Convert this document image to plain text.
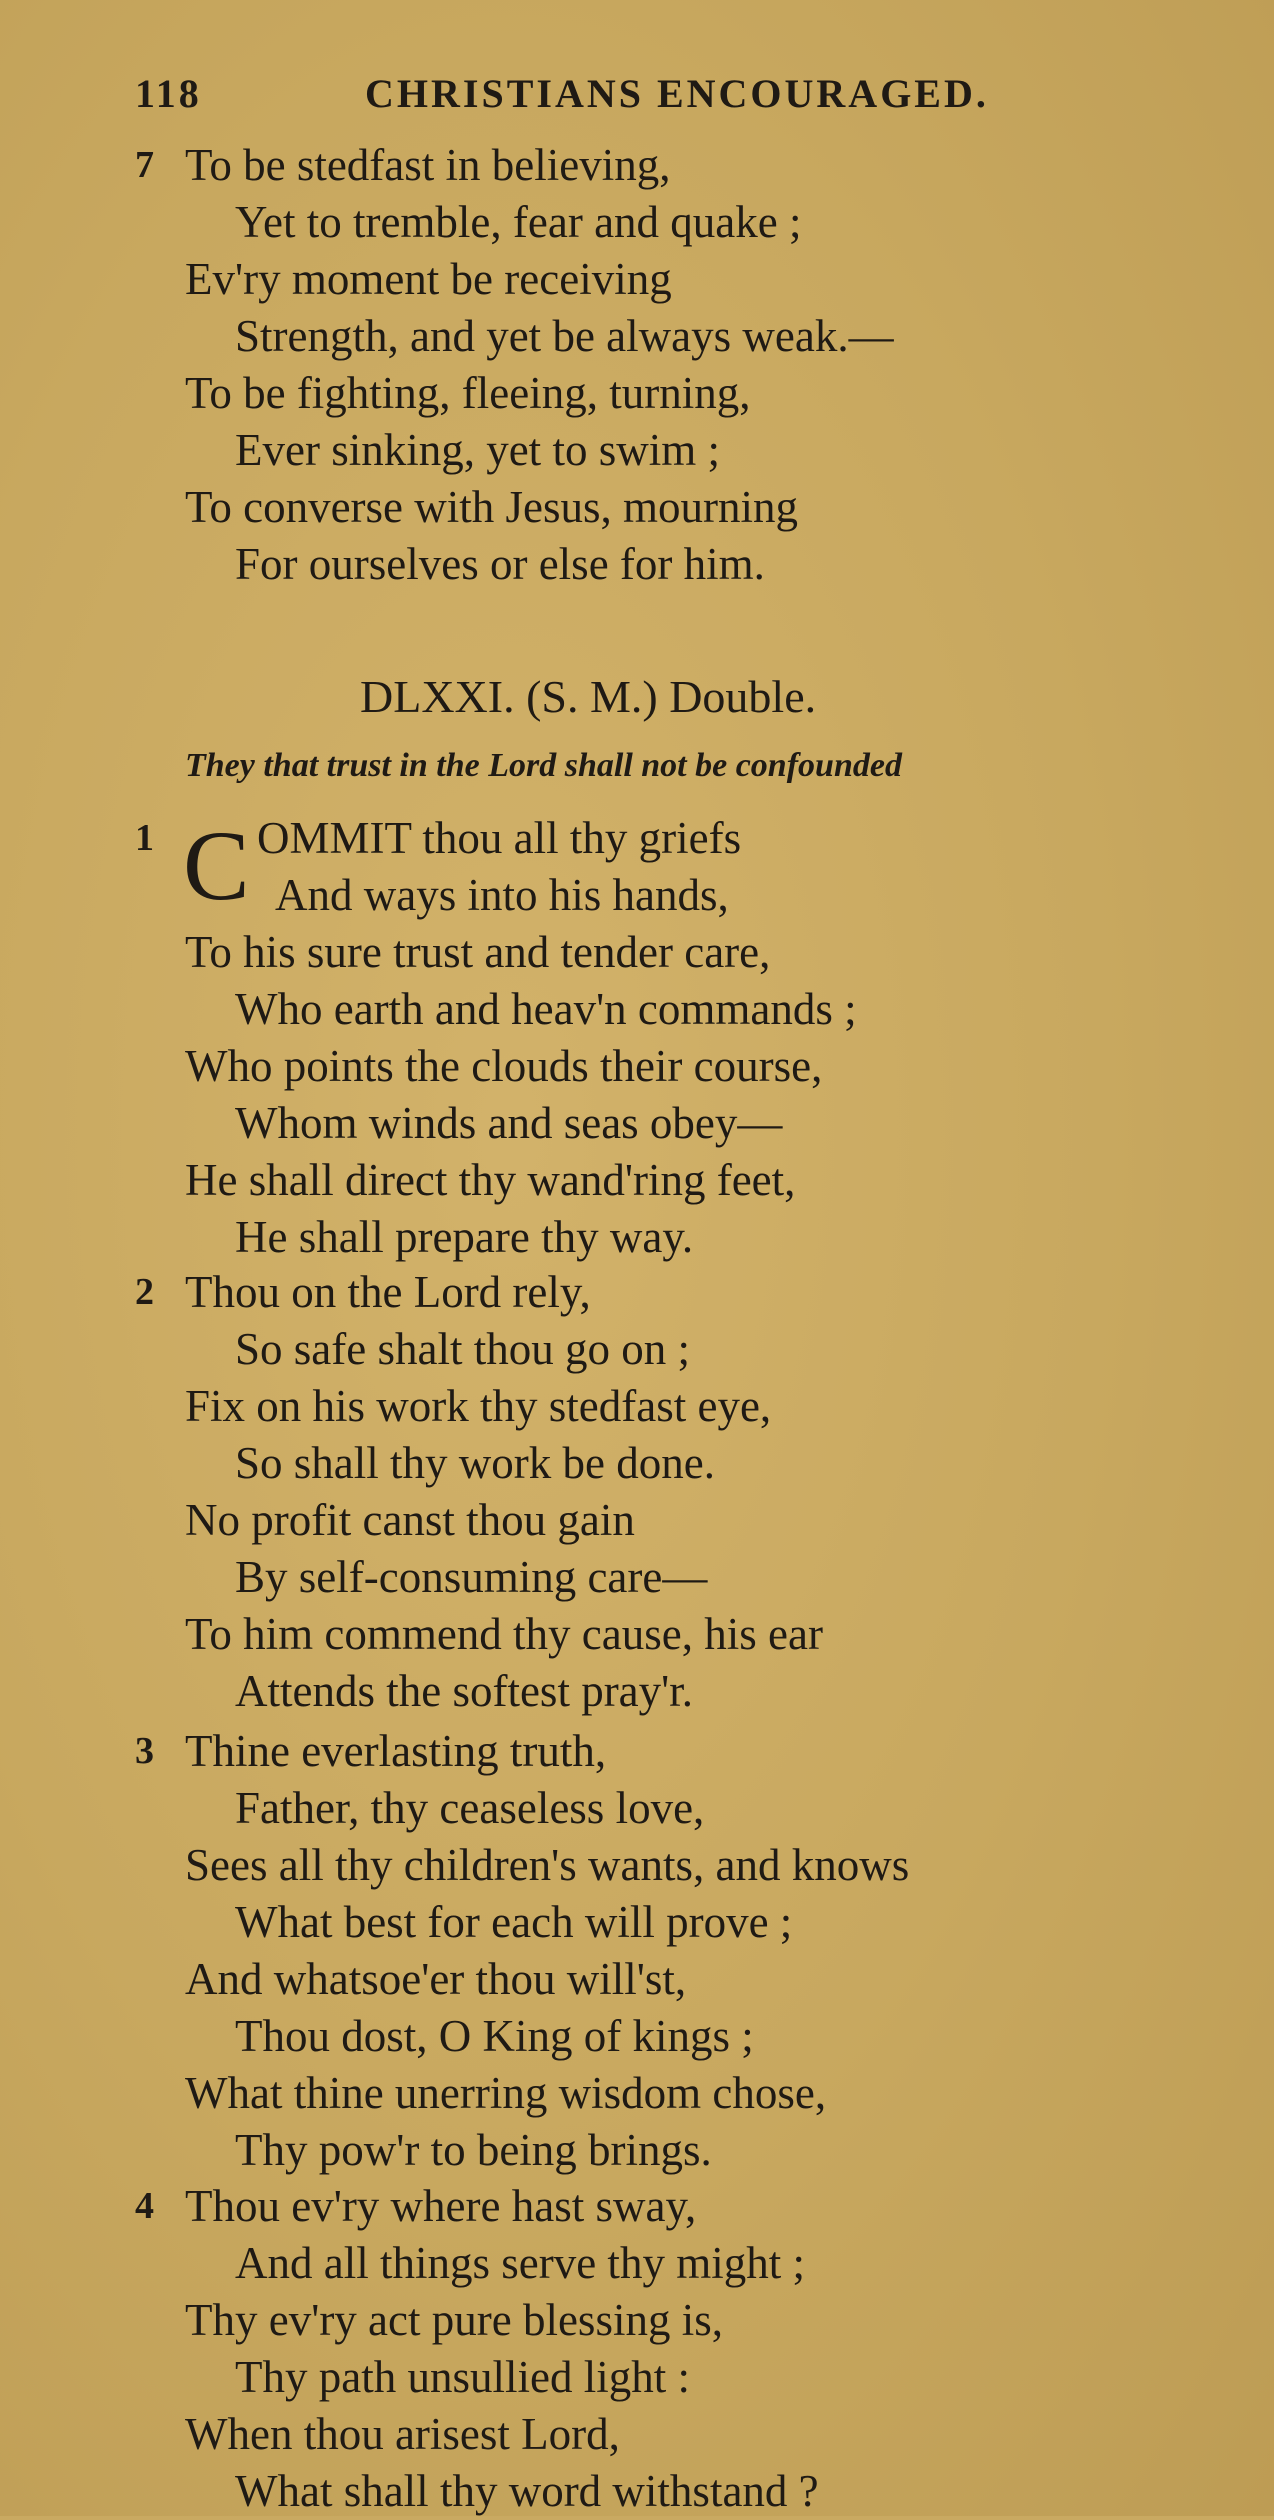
118	CHRISTIANS ENCOURAGED.
7 To be stedfast in believing,
Yet to tremble, fear and quake ;
Ev'ry moment be receiving
Strength, and yet be always weak.—
To be fighting, fleeing, turning,
Ever sinking, yet to swim ;
To converse with Jesus, mourning
For ourselves or else for him.
DLXXI. (S. M.) Double.
They that trust in the Lord shall not be confounded
1 C OMMIT thou all thy griefs
And ways into his hands,
To his sure trust and tender care,
Who earth and heav'n commands ;
Who points the clouds their course,
Whom winds and seas obey—
He shall direct thy wand'ring feet,
He shall prepare thy way.
2 Thou on the Lord rely,
So safe shalt thou go on ;
Fix on his work thy stedfast eye,
So shall thy work be done.
No profit canst thou gain
By self-consuming care—
To him commend thy cause, his ear
Attends the softest pray'r.
3 Thine everlasting truth,
Father, thy ceaseless love,
Sees all thy children's wants, and knows
What best for each will prove ;
And whatsoe'er thou will'st,
Thou dost, O King of kings ;
What thine unerring wisdom chose,
Thy pow'r to being brings.
4 Thou ev'ry where hast sway,
And all things serve thy might ;
Thy ev'ry act pure blessing is,
Thy path unsullied light :
When thou arisest Lord,
What shall thy word withstand ?
